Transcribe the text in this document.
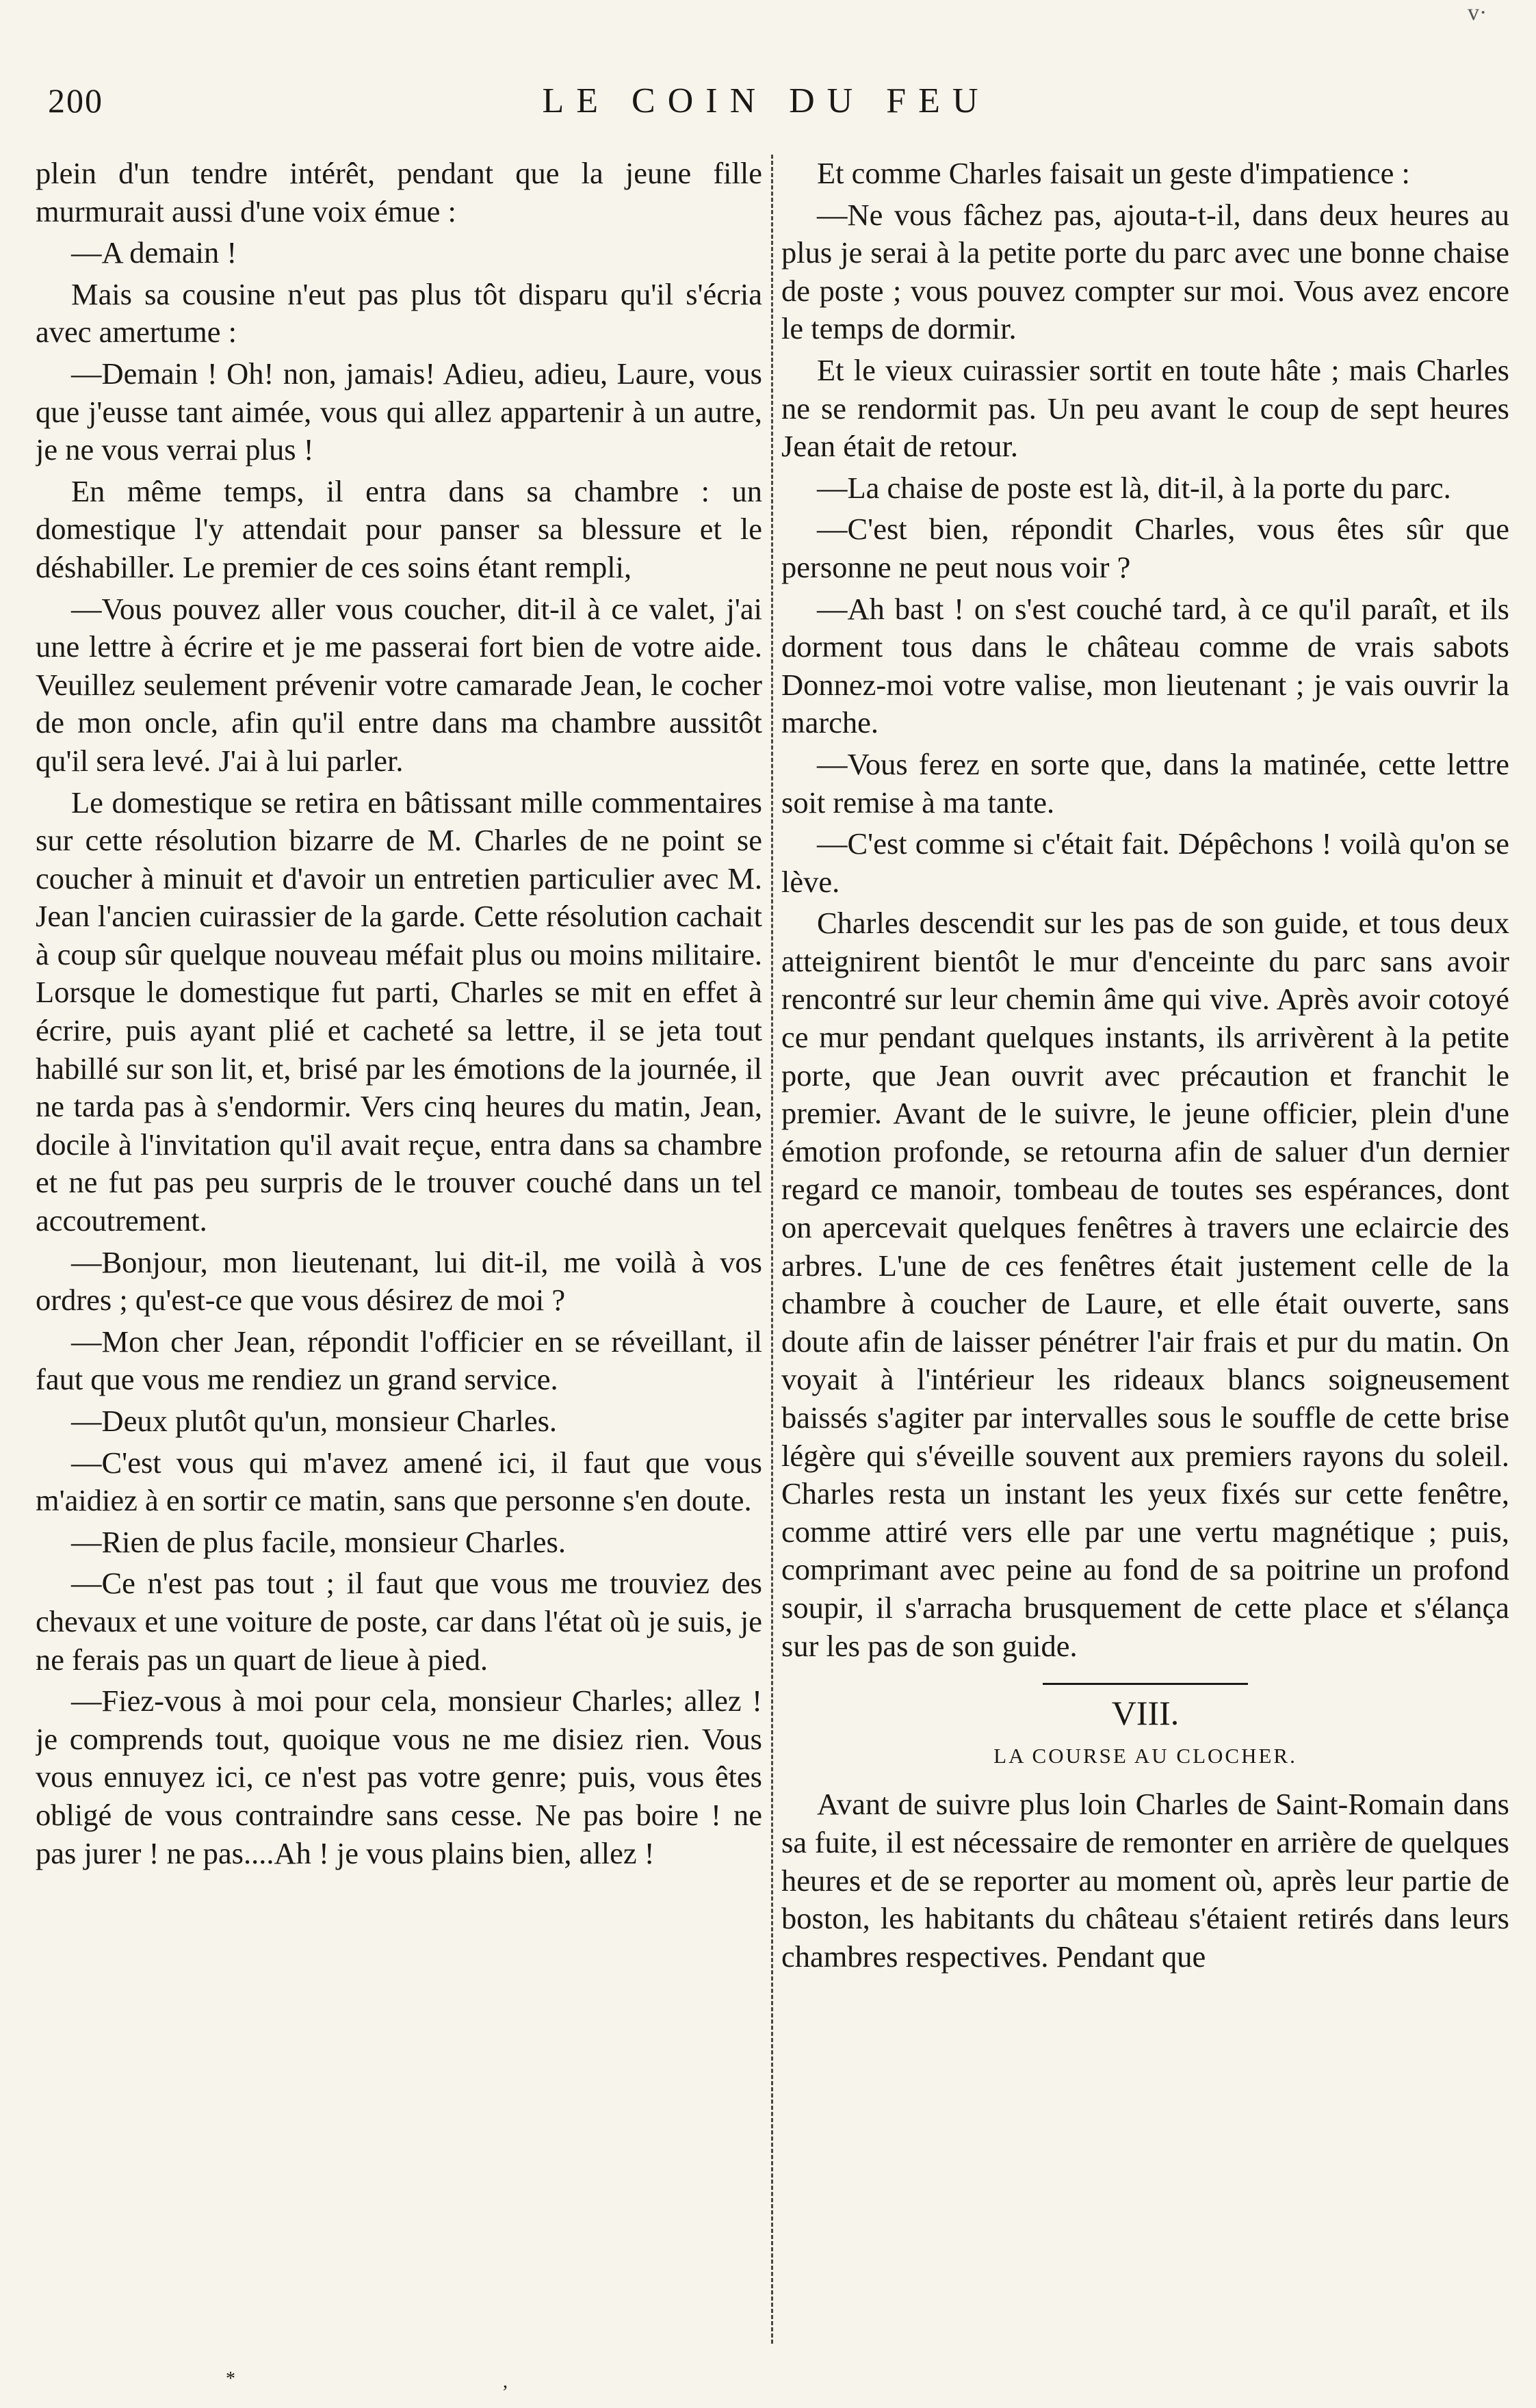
v·
200	LE COIN DU FEU

plein d'un tendre intérêt, pendant que la jeune fille murmurait aussi d'une voix émue :

—A demain !

Mais sa cousine n'eut pas plus tôt disparu qu'il s'écria avec amertume :

—Demain ! Oh! non, jamais! Adieu, adieu, Laure, vous que j'eusse tant aimée, vous qui allez appartenir à un autre, je ne vous verrai plus !

En même temps, il entra dans sa chambre : un domestique l'y attendait pour panser sa blessure et le déshabiller. Le premier de ces soins étant rempli,

—Vous pouvez aller vous coucher, dit-il à ce valet, j'ai une lettre à écrire et je me passerai fort bien de votre aide. Veuillez seulement prévenir votre camarade Jean, le cocher de mon oncle, afin qu'il entre dans ma chambre aussitôt qu'il sera levé. J'ai à lui parler.

Le domestique se retira en bâtissant mille commentaires sur cette résolution bizarre de M. Charles de ne point se coucher à minuit et d'avoir un entretien particulier avec M. Jean l'ancien cuirassier de la garde. Cette résolution cachait à coup sûr quelque nouveau méfait plus ou moins militaire. Lorsque le domestique fut parti, Charles se mit en effet à écrire, puis ayant plié et cacheté sa lettre, il se jeta tout habillé sur son lit, et, brisé par les émotions de la journée, il ne tarda pas à s'endormir. Vers cinq heures du matin, Jean, docile à l'invitation qu'il avait reçue, entra dans sa chambre et ne fut pas peu surpris de le trouver couché dans un tel accoutrement.

—Bonjour, mon lieutenant, lui dit-il, me voilà à vos ordres ; qu'est-ce que vous désirez de moi ?

—Mon cher Jean, répondit l'officier en se réveillant, il faut que vous me rendiez un grand service.

—Deux plutôt qu'un, monsieur Charles.

—C'est vous qui m'avez amené ici, il faut que vous m'aidiez à en sortir ce matin, sans que personne s'en doute.

—Rien de plus facile, monsieur Charles.

—Ce n'est pas tout ; il faut que vous me trouviez des chevaux et une voiture de poste, car dans l'état où je suis, je ne ferais pas un quart de lieue à pied.

—Fiez-vous à moi pour cela, monsieur Charles; allez ! je comprends tout, quoique vous ne me disiez rien. Vous vous ennuyez ici, ce n'est pas votre genre; puis, vous êtes obligé de vous contraindre sans cesse. Ne pas boire ! ne pas jurer ! ne pas....Ah ! je vous plains bien, allez !

Et comme Charles faisait un geste d'impatience :

—Ne vous fâchez pas, ajouta-t-il, dans deux heures au plus je serai à la petite porte du parc avec une bonne chaise de poste ; vous pouvez compter sur moi. Vous avez encore le temps de dormir.

Et le vieux cuirassier sortit en toute hâte ; mais Charles ne se rendormit pas. Un peu avant le coup de sept heures Jean était de retour.

—La chaise de poste est là, dit-il, à la porte du parc.

—C'est bien, répondit Charles, vous êtes sûr que personne ne peut nous voir ?

—Ah bast ! on s'est couché tard, à ce qu'il paraît, et ils dorment tous dans le château comme de vrais sabots Donnez-moi votre valise, mon lieutenant ; je vais ouvrir la marche.

—Vous ferez en sorte que, dans la matinée, cette lettre soit remise à ma tante.

—C'est comme si c'était fait. Dépêchons ! voilà qu'on se lève.

Charles descendit sur les pas de son guide, et tous deux atteignirent bientôt le mur d'enceinte du parc sans avoir rencontré sur leur chemin âme qui vive. Après avoir cotoyé ce mur pendant quelques instants, ils arrivèrent à la petite porte, que Jean ouvrit avec précaution et franchit le premier. Avant de le suivre, le jeune officier, plein d'une émotion profonde, se retourna afin de saluer d'un dernier regard ce manoir, tombeau de toutes ses espérances, dont on apercevait quelques fenêtres à travers une eclaircie des arbres. L'une de ces fenêtres était justement celle de la chambre à coucher de Laure, et elle était ouverte, sans doute afin de laisser pénétrer l'air frais et pur du matin. On voyait à l'intérieur les rideaux blancs soigneusement baissés s'agiter par intervalles sous le souffle de cette brise légère qui s'éveille souvent aux premiers rayons du soleil. Charles resta un instant les yeux fixés sur cette fenêtre, comme attiré vers elle par une vertu magnétique ; puis, comprimant avec peine au fond de sa poitrine un profond soupir, il s'arracha brusquement de cette place et s'élança sur les pas de son guide.

VIII.
LA COURSE AU CLOCHER.

Avant de suivre plus loin Charles de Saint-Romain dans sa fuite, il est nécessaire de remonter en arrière de quelques heures et de se reporter au moment où, après leur partie de boston, les habitants du château s'étaient retirés dans leurs chambres respectives. Pendant que

*	,
